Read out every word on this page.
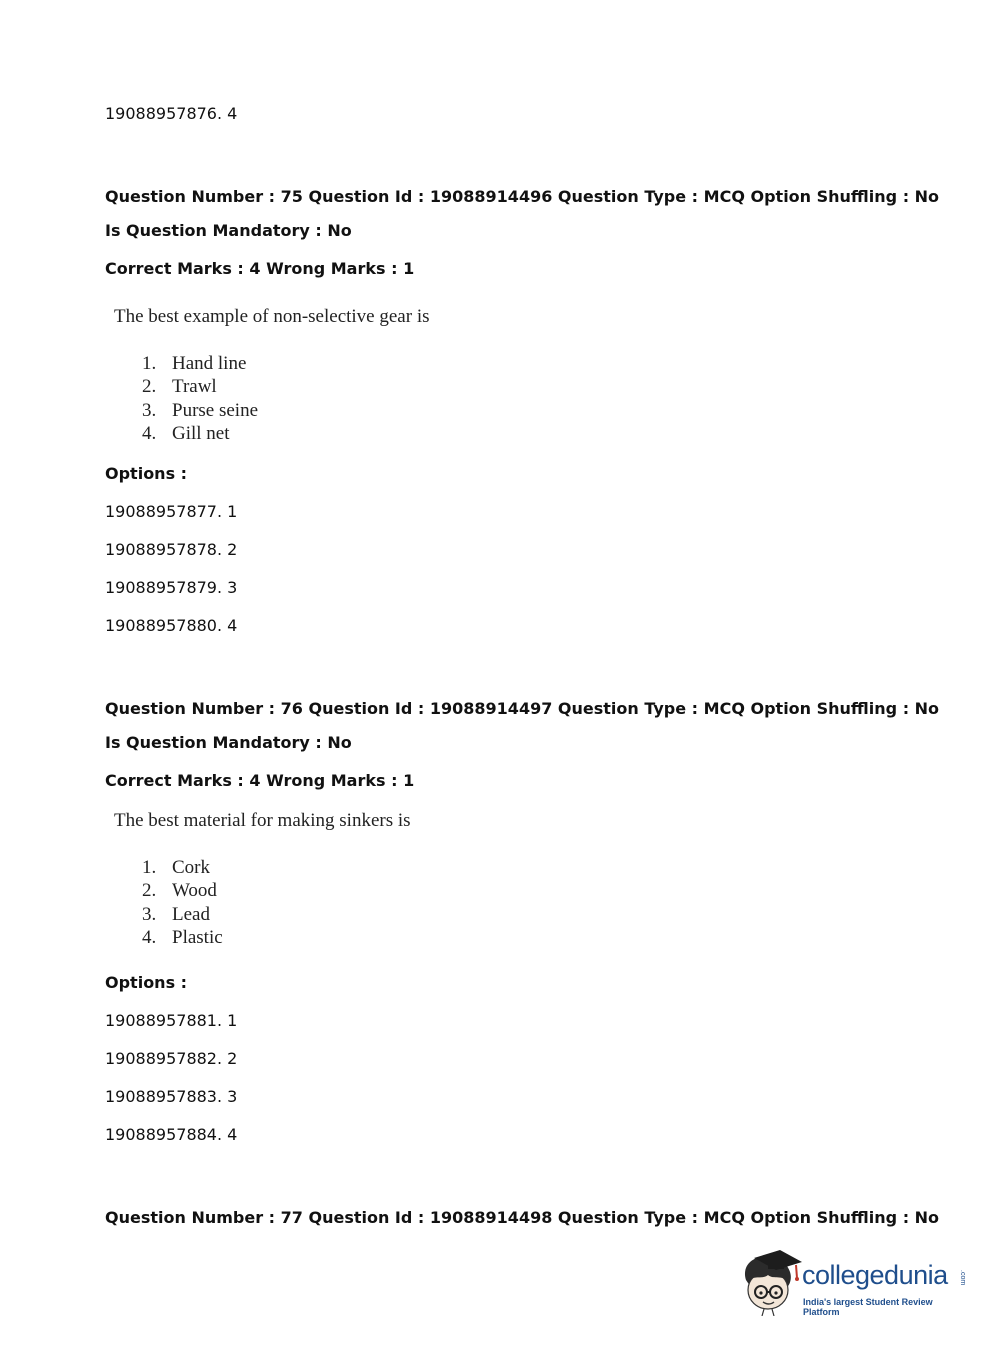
19088957876. 4
Question Number : 75 Question Id : 19088914496 Question Type : MCQ Option Shuffling : No
Is Question Mandatory : No
Correct Marks : 4 Wrong Marks : 1
The best example of non-selective gear is
1. Hand line
2. Trawl
3. Purse seine
4. Gill net
Options :
19088957877. 1
19088957878. 2
19088957879. 3
19088957880. 4
Question Number : 76 Question Id : 19088914497 Question Type : MCQ Option Shuffling : No
Is Question Mandatory : No
Correct Marks : 4 Wrong Marks : 1
The best material for making sinkers is
1. Cork
2. Wood
3. Lead
4. Plastic
Options :
19088957881. 1
19088957882. 2
19088957883. 3
19088957884. 4
Question Number : 77 Question Id : 19088914498 Question Type : MCQ Option Shuffling : No
collegedunia .com
India's largest Student Review Platform
